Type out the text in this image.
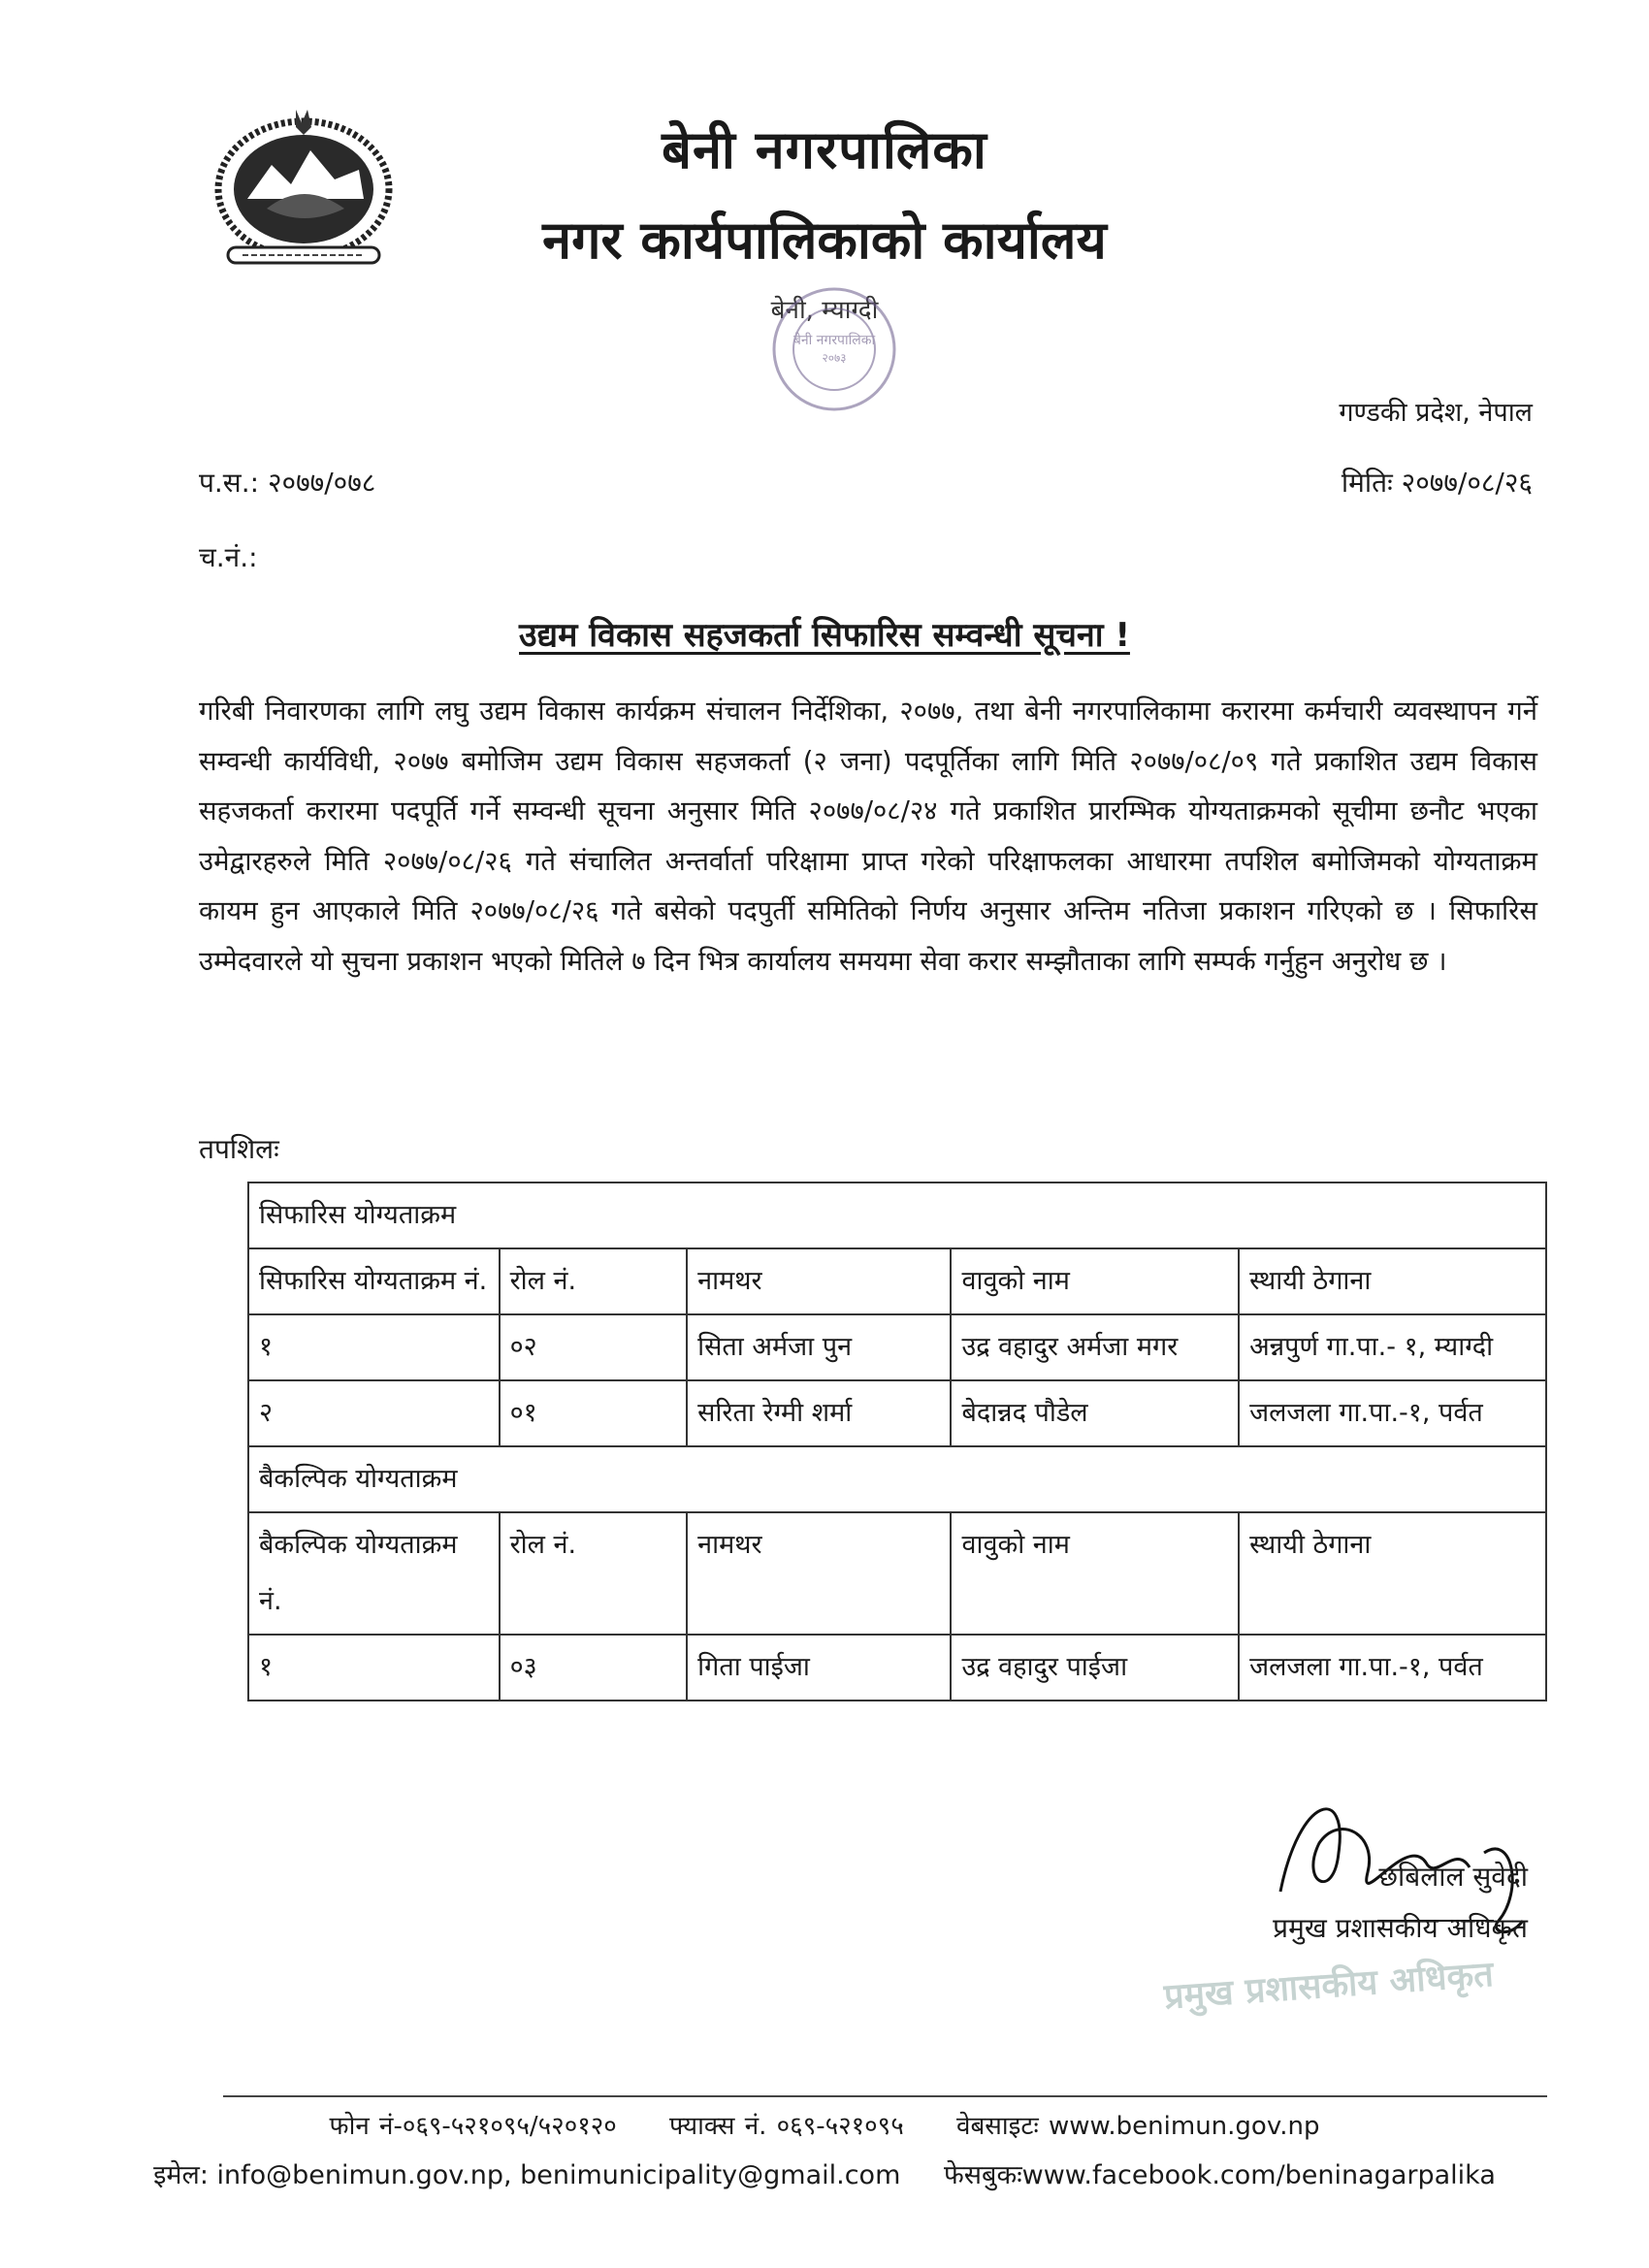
बेनी नगरपालिका
नगर कार्यपालिकाको कार्यालय
बेनी, म्याग्दी
बेनी नगरपालिका
२०७३
गण्डकी प्रदेश, नेपाल
प.स.: २०७७/०७८	मितिः २०७७/०८/२६
च.नं.:
उद्यम विकास सहजकर्ता सिफारिस सम्वन्धी सूचना !
गरिबी निवारणका लागि लघु उद्यम विकास कार्यक्रम संचालन निर्देशिका, २०७७, तथा बेनी नगरपालिकामा करारमा कर्मचारी व्यवस्थापन गर्ने सम्वन्धी कार्यविधी, २०७७ बमोजिम उद्यम विकास सहजकर्ता (२ जना) पदपूर्तिका लागि मिति २०७७/०८/०९ गते प्रकाशित उद्यम विकास सहजकर्ता करारमा पदपूर्ति गर्ने सम्वन्धी सूचना अनुसार मिति २०७७/०८/२४ गते प्रकाशित प्रारम्भिक योग्यताक्रमको सूचीमा छनौट भएका उमेद्वारहरुले मिति २०७७/०८/२६ गते संचालित अन्तर्वार्ता परिक्षामा प्राप्त गरेको परिक्षाफलका आधारमा तपशिल बमोजिमको योग्यताक्रम कायम हुन आएकाले मिति २०७७/०८/२६ गते बसेको पदपुर्ती समितिको निर्णय अनुसार अन्तिम नतिजा प्रकाशन गरिएको छ । सिफारिस उम्मेदवारले यो सुचना प्रकाशन भएको मितिले ७ दिन भित्र कार्यालय समयमा सेवा करार सम्झौताका लागि सम्पर्क गर्नुहुन अनुरोध छ ।
तपशिलः
सिफारिस योग्यताक्रम				
सिफारिस योग्यताक्रम नं.	रोल नं.	नामथर	वावुको नाम	स्थायी ठेगाना
१	०२	सिता अर्मजा पुन	उद्र वहादुर अर्मजा मगर	अन्नपुर्ण गा.पा.- १, म्याग्दी
२	०१	सरिता रेग्मी शर्मा	बेदान्नद पौडेल	जलजला गा.पा.-१, पर्वत
बैकल्पिक योग्यताक्रम				
बैकल्पिक योग्यताक्रम नं.	रोल नं.	नामथर	वावुको नाम	स्थायी ठेगाना
१	०३	गिता पाईजा	उद्र वहादुर पाईजा	जलजला गा.पा.-१, पर्वत
छबिलाल सुवेदी
प्रमुख प्रशासकीय अधिकृत
प्रमुख प्रशासकीय अधिकृत
फोन नं-०६९-५२१०९५/५२०१२० फ्याक्स नं. ०६९-५२१०९५ वेबसाइटः www.benimun.gov.np
इमेल: info@benimun.gov.np, benimunicipality@gmail.com फेसबुकःwww.facebook.com/beninagarpalika
